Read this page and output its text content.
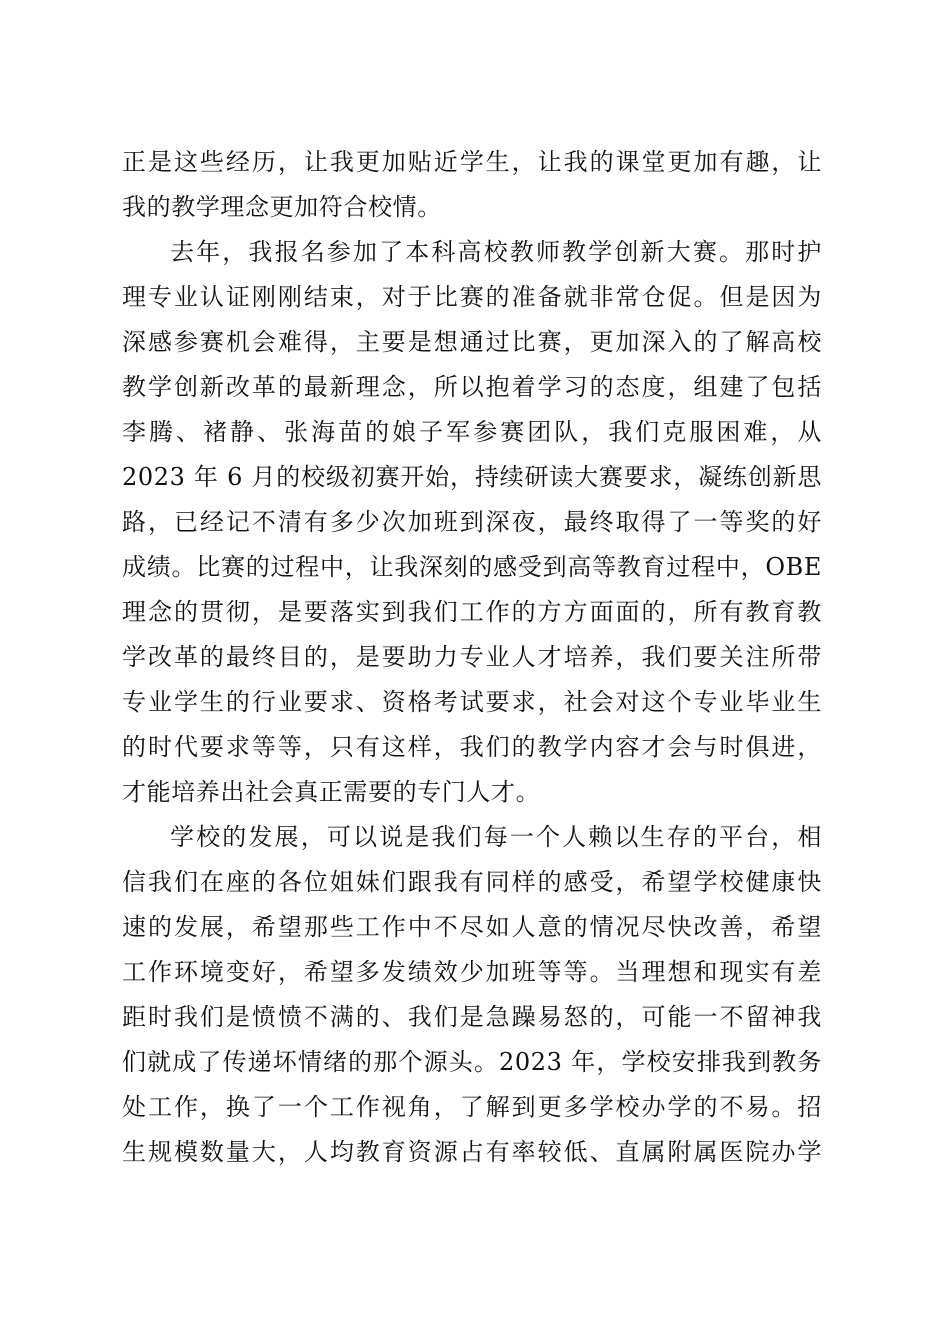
正是这些经历，让我更加贴近学生，让我的课堂更加有趣，让
我的教学理念更加符合校情。
去年，我报名参加了本科高校教师教学创新大赛。那时护
理专业认证刚刚结束，对于比赛的准备就非常仓促。但是因为
深感参赛机会难得，主要是想通过比赛，更加深入的了解高校
教学创新改革的最新理念，所以抱着学习的态度，组建了包括
李腾、褚静、张海苗的娘子军参赛团队，我们克服困难，从
2023 年 6 月的校级初赛开始，持续研读大赛要求，凝练创新思
路，已经记不清有多少次加班到深夜，最终取得了一等奖的好
成绩。比赛的过程中，让我深刻的感受到高等教育过程中，OBE
理念的贯彻，是要落实到我们工作的方方面面的，所有教育教
学改革的最终目的，是要助力专业人才培养，我们要关注所带
专业学生的行业要求、资格考试要求，社会对这个专业毕业生
的时代要求等等，只有这样，我们的教学内容才会与时俱进，
才能培养出社会真正需要的专门人才。
学校的发展，可以说是我们每一个人赖以生存的平台，相
信我们在座的各位姐妹们跟我有同样的感受，希望学校健康快
速的发展，希望那些工作中不尽如人意的情况尽快改善，希望
工作环境变好，希望多发绩效少加班等等。当理想和现实有差
距时我们是愤愤不满的、我们是急躁易怒的，可能一不留神我
们就成了传递坏情绪的那个源头。2023 年，学校安排我到教务
处工作，换了一个工作视角，了解到更多学校办学的不易。招
生规模数量大，人均教育资源占有率较低、直属附属医院办学
